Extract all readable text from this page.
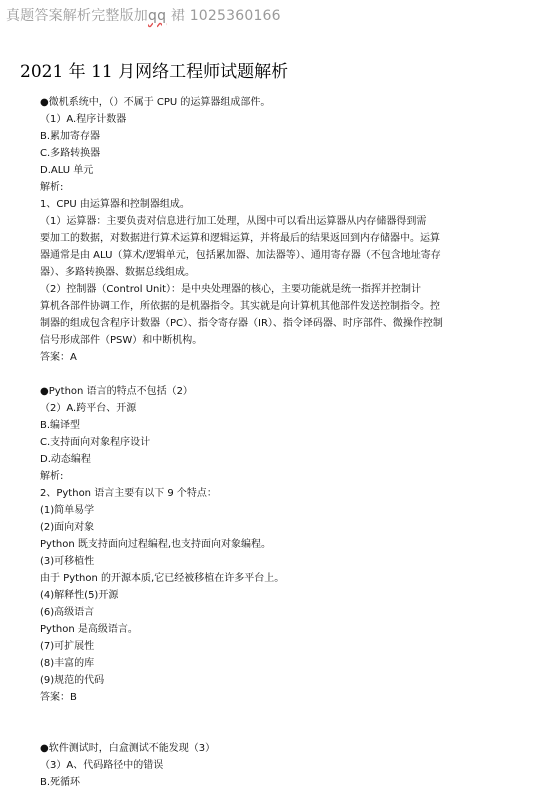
真题答案解析完整版加qq 裙 1025360166
2021 年 11 月网络工程师试题解析
●微机系统中，（）不属于 CPU 的运算器组成部件。
（1）A.程序计数器
B.累加寄存器
C.多路转换器
D.ALU 单元
解析:
1、CPU 由运算器和控制器组成。
（1）运算器：主要负责对信息进行加工处理，从图中可以看出运算器从内存储器得到需
要加工的数据，对数据进行算术运算和逻辑运算，并将最后的结果返回到内存储器中。运算
器通常是由 ALU（算术/逻辑单元，包括累加器、加法器等）、通用寄存器（不包含地址寄存
器）、多路转换器、数据总线组成。
（2）控制器（Control Unit）：是中央处理器的核心，主要功能就是统一指挥并控制计
算机各部件协调工作，所依据的是机器指令。其实就是向计算机其他部件发送控制指令。控
制器的组成包含程序计数器（PC）、指令寄存器（IR）、指令译码器、时序部件、微操作控制
信号形成部件（PSW）和中断机构。
答案：A
●Python 语言的特点不包括（2）
（2）A.跨平台、开源
B.编译型
C.支持面向对象程序设计
D.动态编程
解析:
2、Python 语言主要有以下 9 个特点：
(1)简单易学
(2)面向对象
Python 既支持面向过程编程,也支持面向对象编程。
(3)可移植性
由于 Python 的开源本质,它已经被移植在许多平台上。
(4)解释性(5)开源
(6)高级语言
Python 是高级语言。
(7)可扩展性
(8)丰富的库
(9)规范的代码
答案：B
●软件测试时，白盒测试不能发现（3）
（3）A、代码路径中的错误
B.死循环
